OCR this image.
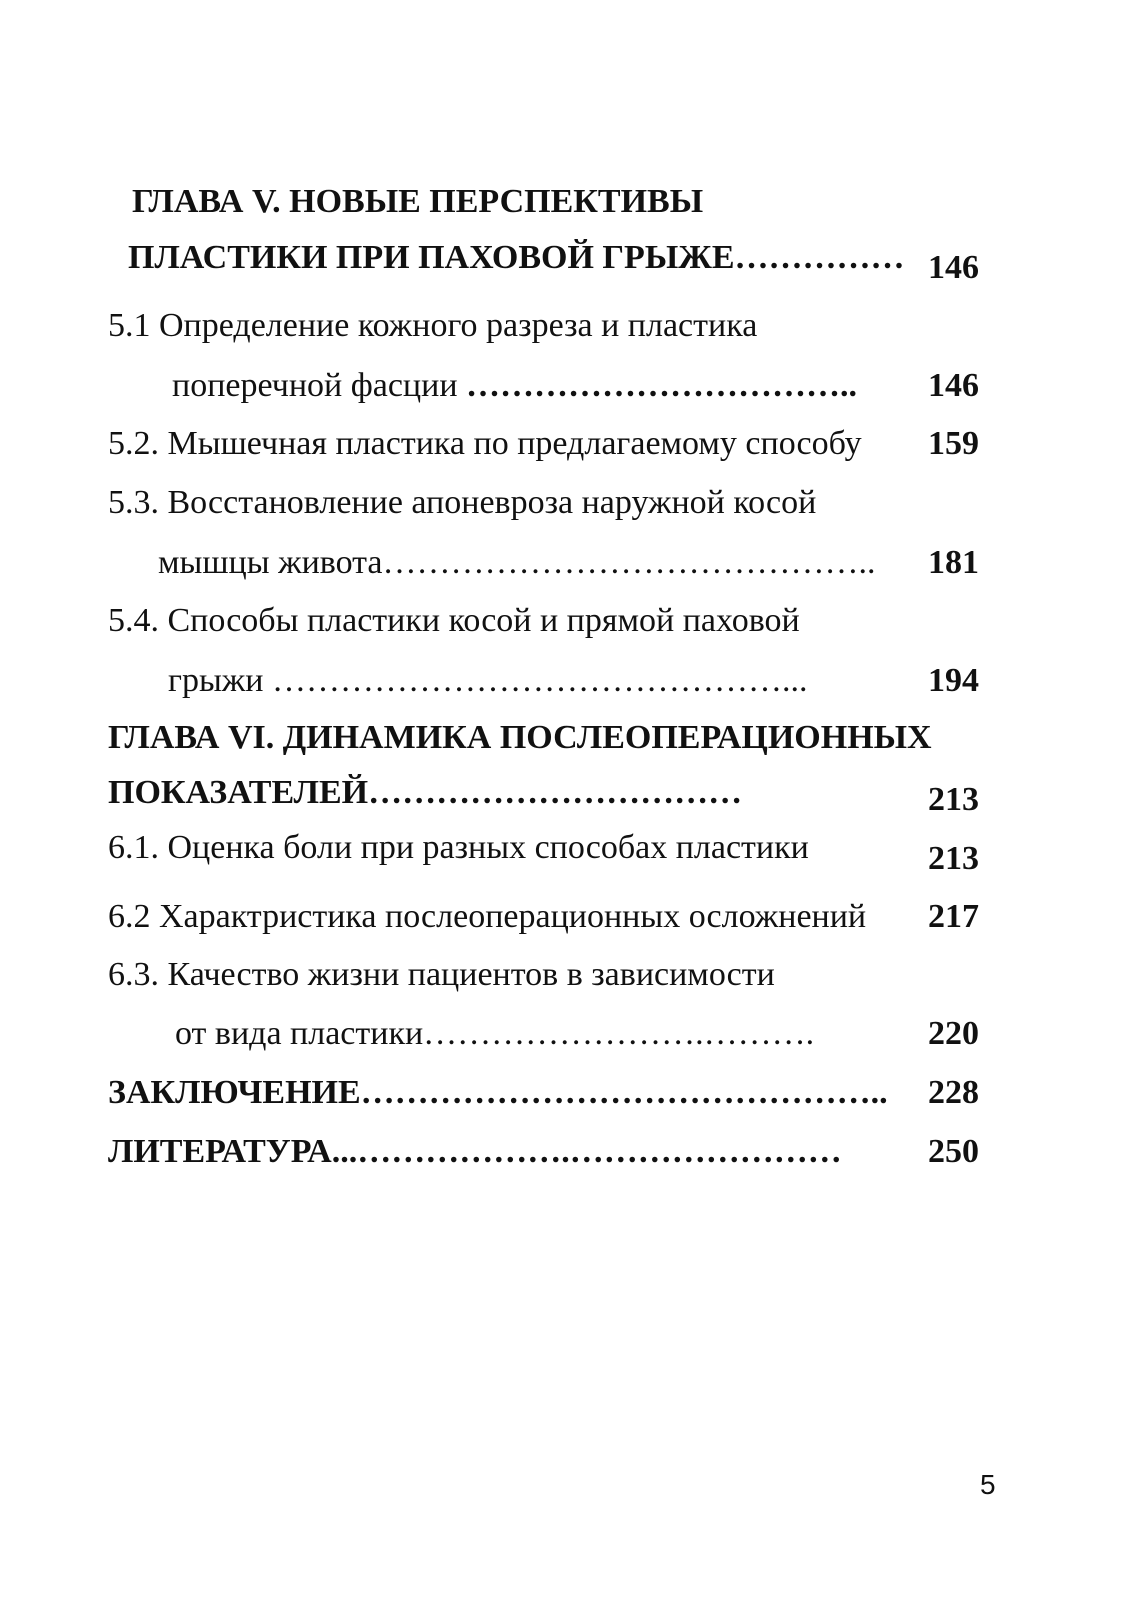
ГЛАВА V. НОВЫЕ ПЕРСПЕКТИВЫ
ПЛАСТИКИ ПРИ ПАХОВОЙ ГРЫЖЕ…………… 146
5.1 Определение кожного разреза и пластика
поперечной фасции …………………………….. 146
5.2. Мышечная пластика по предлагаемому способу 159
5.3. Восстановление апоневроза наружной косой
мышцы живота…………………………………….. 181
5.4. Способы пластики косой и прямой паховой
грыжи ………………………………………...	194
ГЛАВА VI. ДИНАМИКА ПОСЛЕОПЕРАЦИОННЫХ
ПОКАЗАТЕЛЕЙ……………………………	213
6.1. Оценка боли при разных способах пластики	213
6.2 Характристика послеоперационных осложнений 217
6.3. Качество жизни пациентов в зависимости
от вида пластики…………………….……….	220
ЗАКЛЮЧЕНИЕ……………………………………….. 228
ЛИТЕРАТУРА...……………….……………………	250
5
